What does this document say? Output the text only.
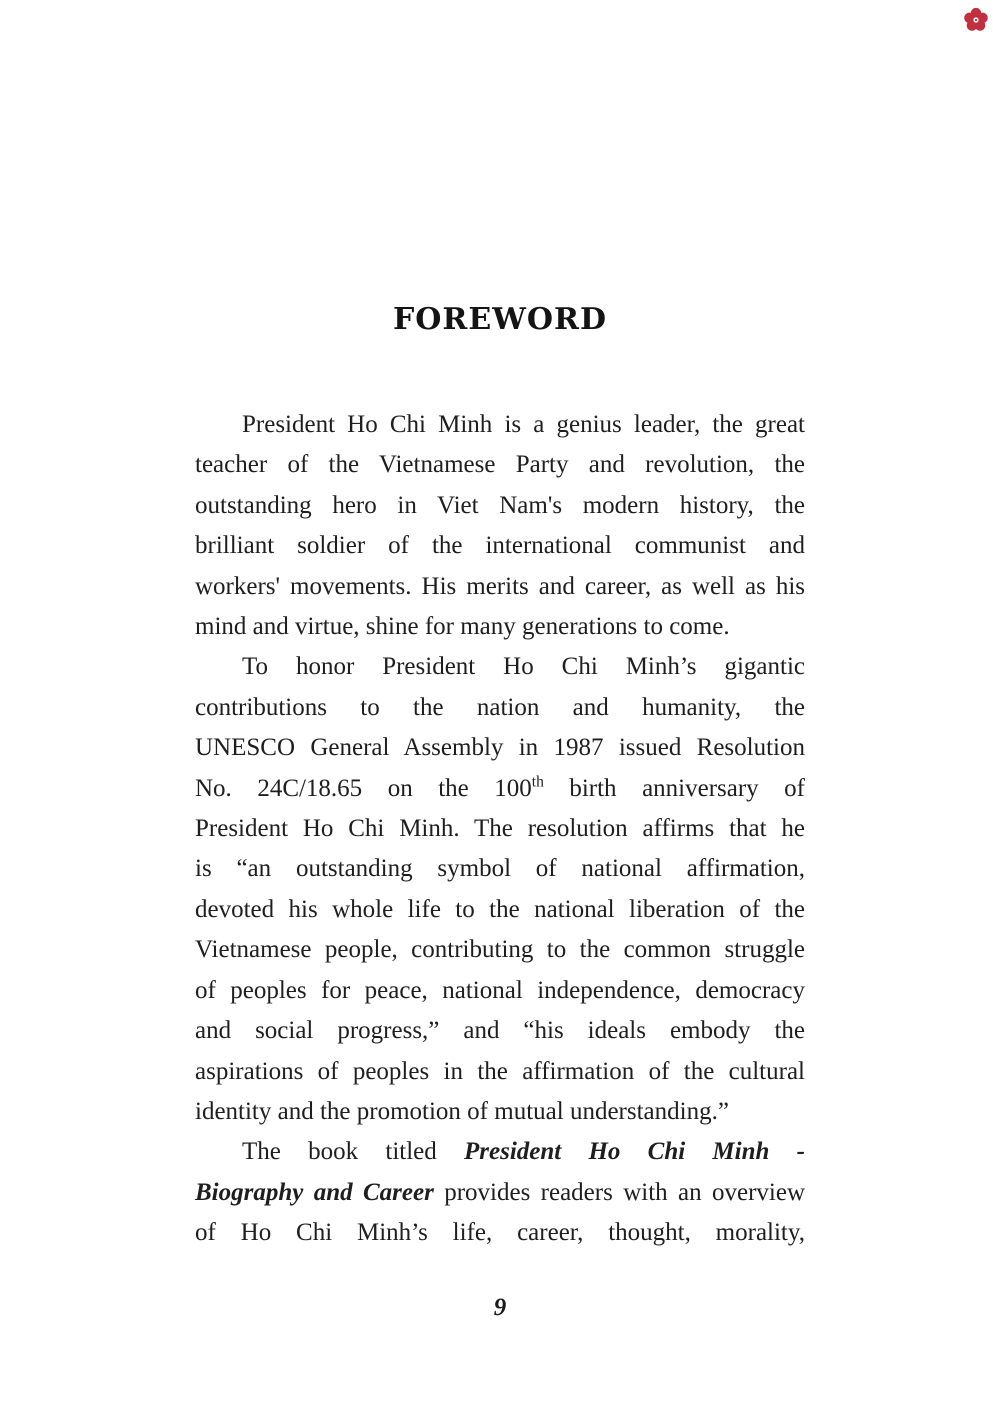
FOREWORD
President Ho Chi Minh is a genius leader, the great
teacher of the Vietnamese Party and revolution, the
outstanding hero in Viet Nam's modern history, the
brilliant soldier of the international communist and
workers' movements. His merits and career, as well as his
mind and virtue, shine for many generations to come.
To honor President Ho Chi Minh’s gigantic
contributions to the nation and humanity, the
UNESCO General Assembly in 1987 issued Resolution
No. 24C/18.65 on the 100th birth anniversary of
President Ho Chi Minh. The resolution affirms that he
is “an outstanding symbol of national affirmation,
devoted his whole life to the national liberation of the
Vietnamese people, contributing to the common struggle
of peoples for peace, national independence, democracy
and social progress,” and “his ideals embody the
aspirations of peoples in the affirmation of the cultural
identity and the promotion of mutual understanding.”
The book titled President Ho Chi Minh -
Biography and Career provides readers with an overview
of Ho Chi Minh’s life, career, thought, morality,
9
